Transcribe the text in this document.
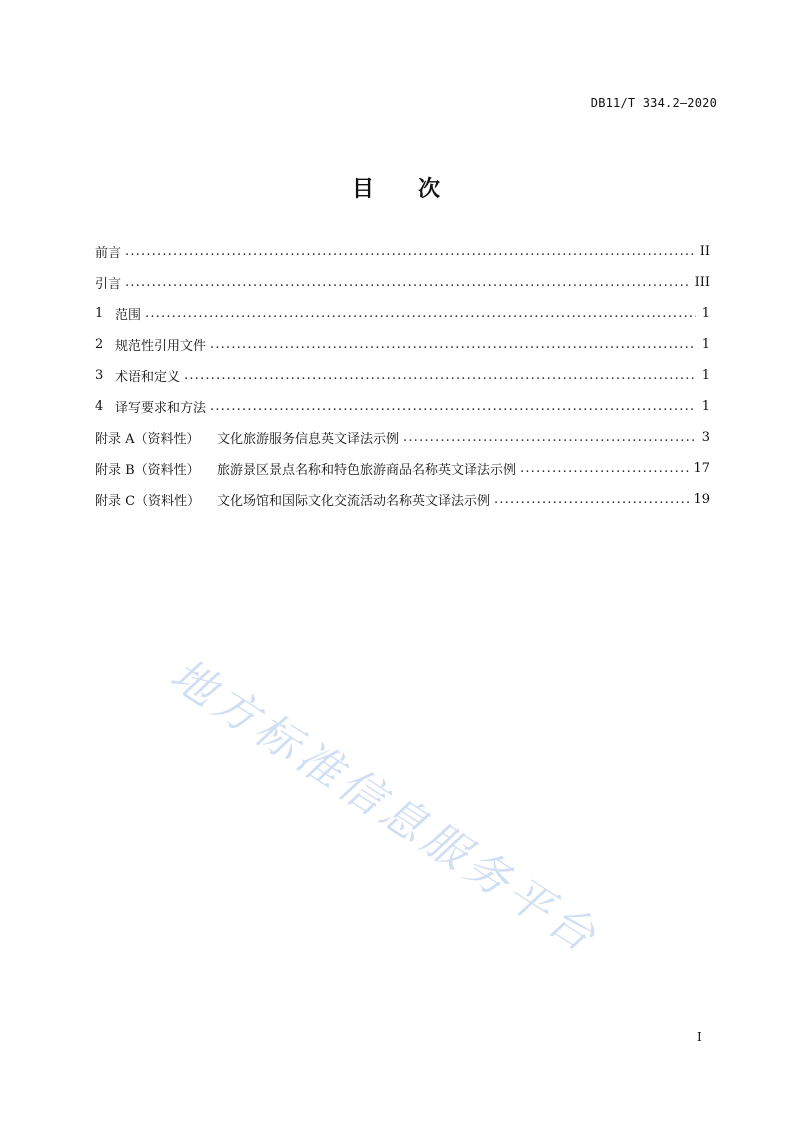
DB11/T 334.2—2020
目 次
前言 .....	II
引言 .....	III
1 范围 .....	1
2 规范性引用文件 .....	1
3 术语和定义 .....	1
4 译写要求和方法 .....	1
附录 A（资料性）	文化旅游服务信息英文译法示例 .....	3
附录 B（资料性）	旅游景区景点名称和特色旅游商品名称英文译法示例 .....	17
附录 C（资料性）	文化场馆和国际文化交流活动名称英文译法示例 .....	19
地方标准信息服务平台
I
